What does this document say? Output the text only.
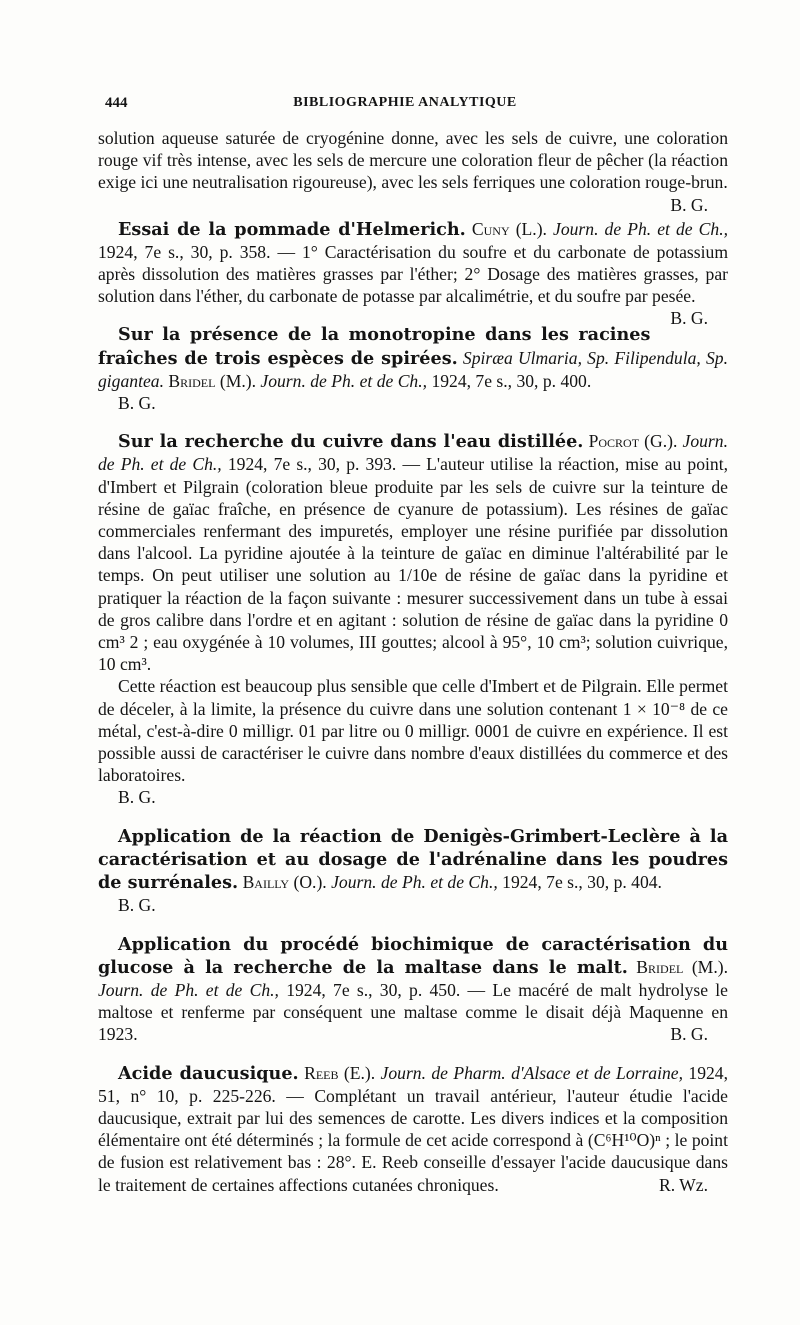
444	BIBLIOGRAPHIE ANALYTIQUE

solution aqueuse saturée de cryogénine donne, avec les sels de cuivre, une coloration rouge vif très intense, avec les sels de mercure une coloration fleur de pêcher (la réaction exige ici une neutralisation rigoureuse), avec les sels ferriques une coloration rouge-brun.
B. G.

Essai de la pommade d'Helmerich. Cuny (L.). Journ. de Ph. et de Ch., 1924, 7e s., 30, p. 358. — 1° Caractérisation du soufre et du carbonate de potassium après dissolution des matières grasses par l'éther; 2° Dosage des matières grasses, par solution dans l'éther, du carbonate de potasse par alcalimétrie, et du soufre par pesée.
B. G.

Sur la présence de la monotropine dans les racines fraîches de trois espèces de spirées. Spiræa Ulmaria, Sp. Filipendula, Sp. gigantea. Bridel (M.). Journ. de Ph. et de Ch., 1924, 7e s., 30, p. 400.

B. G.

Sur la recherche du cuivre dans l'eau distillée. Pocrot (G.). Journ. de Ph. et de Ch., 1924, 7e s., 30, p. 393. — L'auteur utilise la réaction, mise au point, d'Imbert et Pilgrain (coloration bleue produite par les sels de cuivre sur la teinture de résine de gaïac fraîche, en présence de cyanure de potassium). Les résines de gaïac commerciales renfermant des impuretés, employer une résine purifiée par dissolution dans l'alcool. La pyridine ajoutée à la teinture de gaïac en diminue l'altérabilité par le temps. On peut utiliser une solution au 1/10e de résine de gaïac dans la pyridine et pratiquer la réaction de la façon suivante : mesurer successivement dans un tube à essai de gros calibre dans l'ordre et en agitant : solution de résine de gaïac dans la pyridine 0 cm³ 2 ; eau oxygénée à 10 volumes, III gouttes; alcool à 95°, 10 cm³; solution cuivrique, 10 cm³.

Cette réaction est beaucoup plus sensible que celle d'Imbert et de Pilgrain. Elle permet de déceler, à la limite, la présence du cuivre dans une solution contenant 1 × 10⁻⁸ de ce métal, c'est-à-dire 0 milligr. 01 par litre ou 0 milligr. 0001 de cuivre en expérience. Il est possible aussi de caractériser le cuivre dans nombre d'eaux distillées du commerce et des laboratoires.

B. G.

Application de la réaction de Denigès-Grimbert-Leclère à la caractérisation et au dosage de l'adrénaline dans les poudres de surrénales. Bailly (O.). Journ. de Ph. et de Ch., 1924, 7e s., 30, p. 404.

B. G.

Application du procédé biochimique de caractérisation du glucose à la recherche de la maltase dans le malt. Bridel (M.). Journ. de Ph. et de Ch., 1924, 7e s., 30, p. 450. — Le macéré de malt hydrolyse le maltose et renferme par conséquent une maltase comme le disait déjà Maquenne en 1923.	B. G.

Acide daucusique. Reeb (E.). Journ. de Pharm. d'Alsace et de Lorraine, 1924, 51, n° 10, p. 225-226. — Complétant un travail antérieur, l'auteur étudie l'acide daucusique, extrait par lui des semences de carotte. Les divers indices et la composition élémentaire ont été déterminés ; la formule de cet acide correspond à (C⁶H¹⁰O)ⁿ ; le point de fusion est relativement bas : 28°. E. Reeb conseille d'essayer l'acide daucusique dans le traitement de certaines affections cutanées chroniques.	R. Wz.
